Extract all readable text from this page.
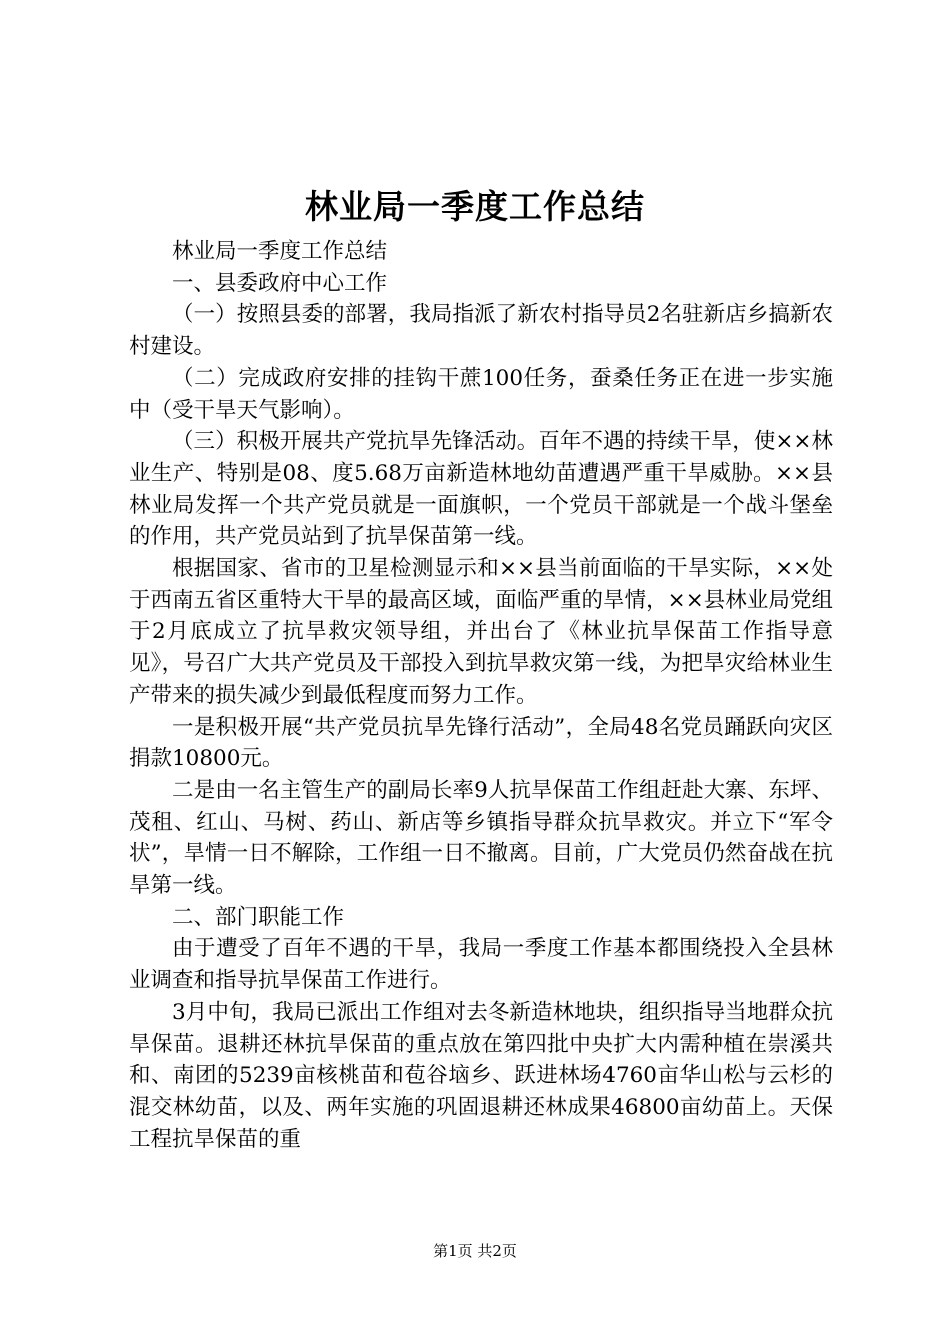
林业局一季度工作总结

林业局一季度工作总结

一、县委政府中心工作

（一）按照县委的部署，我局指派了新农村指导员2名驻新店乡搞新农村建设。

（二）完成政府安排的挂钩干蔗100任务，蚕桑任务正在进一步实施中（受干旱天气影响）。

（三）积极开展共产党抗旱先锋活动。百年不遇的持续干旱，使××林业生产、特别是08、度5.68万亩新造林地幼苗遭遇严重干旱威胁。××县林业局发挥一个共产党员就是一面旗帜，一个党员干部就是一个战斗堡垒的作用，共产党员站到了抗旱保苗第一线。

根据国家、省市的卫星检测显示和××县当前面临的干旱实际，××处于西南五省区重特大干旱的最高区域，面临严重的旱情，××县林业局党组于2月底成立了抗旱救灾领导组，并出台了《林业抗旱保苗工作指导意见》，号召广大共产党员及干部投入到抗旱救灾第一线，为把旱灾给林业生产带来的损失减少到最低程度而努力工作。

一是积极开展“共产党员抗旱先锋行活动”，全局48名党员踊跃向灾区捐款10800元。

二是由一名主管生产的副局长率9人抗旱保苗工作组赶赴大寨、东坪、茂租、红山、马树、药山、新店等乡镇指导群众抗旱救灾。并立下“军令状”，旱情一日不解除，工作组一日不撤离。目前，广大党员仍然奋战在抗旱第一线。

二、部门职能工作

由于遭受了百年不遇的干旱，我局一季度工作基本都围绕投入全县林业调查和指导抗旱保苗工作进行。

3月中旬，我局已派出工作组对去冬新造林地块，组织指导当地群众抗旱保苗。退耕还林抗旱保苗的重点放在第四批中央扩大内需种植在崇溪共和、南团的5239亩核桃苗和苞谷垴乡、跃进林场4760亩华山松与云杉的混交林幼苗，以及、两年实施的巩固退耕还林成果46800亩幼苗上。天保工程抗旱保苗的重

第1页 共2页
